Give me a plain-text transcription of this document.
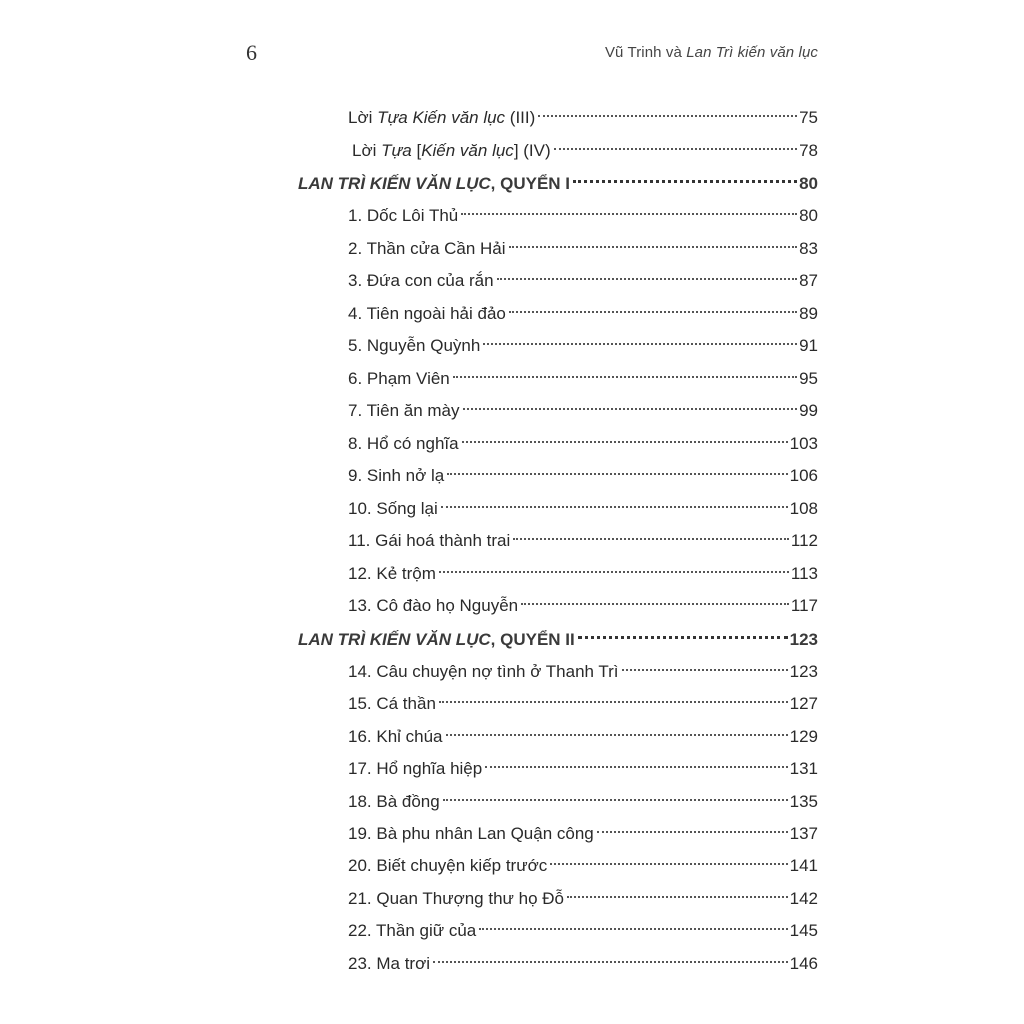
6	Vũ Trinh và Lan Trì kiến văn lục
Lời Tựa Kiến văn lục (III)	75
Lời Tựa [Kiến văn lục] (IV)	78
LAN TRÌ KIẾN VĂN LỤC, QUYỂN I	80
1. Dốc Lôi Thủ	80
2. Thần cửa Cần Hải	83
3. Đứa con của rắn	87
4. Tiên ngoài hải đảo	89
5. Nguyễn Quỳnh	91
6. Phạm Viên	95
7. Tiên ăn mày	99
8. Hổ có nghĩa	103
9. Sinh nở lạ	106
10. Sống lại	108
11. Gái hoá thành trai	112
12. Kẻ trộm	113
13. Cô đào họ Nguyễn	117
LAN TRÌ KIẾN VĂN LỤC, QUYỂN II	123
14. Câu chuyện nợ tình ở Thanh Trì	123
15. Cá thần	127
16. Khỉ chúa	129
17. Hổ nghĩa hiệp	131
18. Bà đồng	135
19. Bà phu nhân Lan Quận công	137
20. Biết chuyện kiếp trước	141
21. Quan Thượng thư họ Đỗ	142
22. Thần giữ của	145
23. Ma trơi	146
